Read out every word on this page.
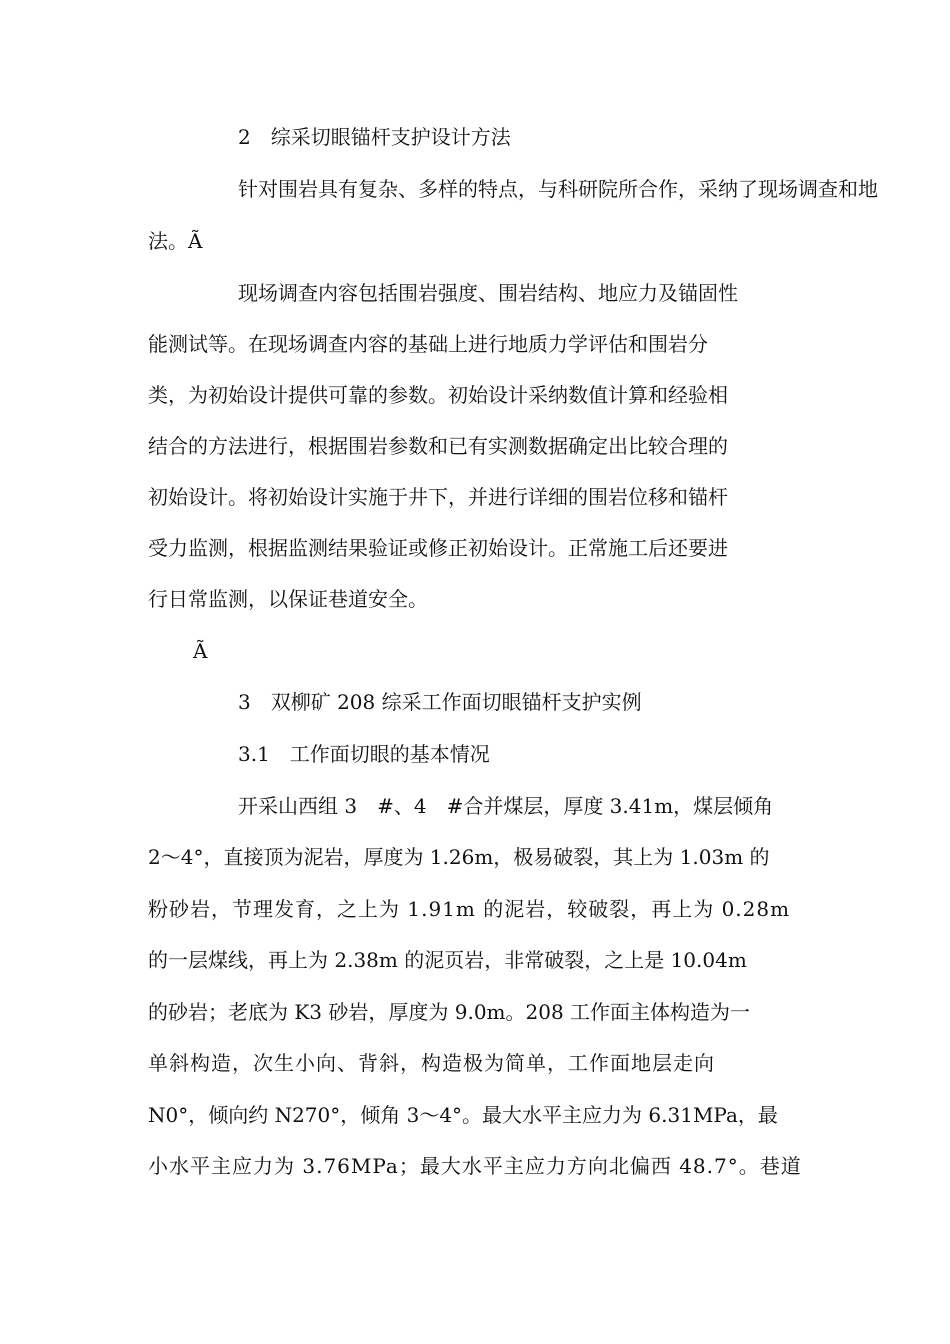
2　综采切眼锚杆支护设计方法
针对围岩具有复杂、多样的特点，与科研院所合作，采纳了现场调查和地
法。Ã
现场调查内容包括围岩强度、围岩结构、地应力及锚固性
能测试等。在现场调查内容的基础上进行地质力学评估和围岩分
类，为初始设计提供可靠的参数。初始设计采纳数值计算和经验相
结合的方法进行，根据围岩参数和已有实测数据确定出比较合理的
初始设计。将初始设计实施于井下，并进行详细的围岩位移和锚杆
受力监测，根据监测结果验证或修正初始设计。正常施工后还要进
行日常监测，以保证巷道安全。
Ã
3　双柳矿 208 综采工作面切眼锚杆支护实例
3.1　工作面切眼的基本情况
开采山西组 3　#、4　#合并煤层，厚度 3.41m，煤层倾角
2～4°，直接顶为泥岩，厚度为 1.26m，极易破裂，其上为 1.03m 的
粉砂岩，节理发育，之上为 1.91m 的泥岩，较破裂，再上为 0.28m
的一层煤线，再上为 2.38m 的泥页岩，非常破裂，之上是 10.04m
的砂岩；老底为 K3 砂岩，厚度为 9.0m。208 工作面主体构造为一
单斜构造，次生小向、背斜，构造极为简单，工作面地层走向
N0°，倾向约 N270°，倾角 3～4°。最大水平主应力为 6.31MPa，最
小水平主应力为 3.76MPa；最大水平主应力方向北偏西 48.7°。巷道
